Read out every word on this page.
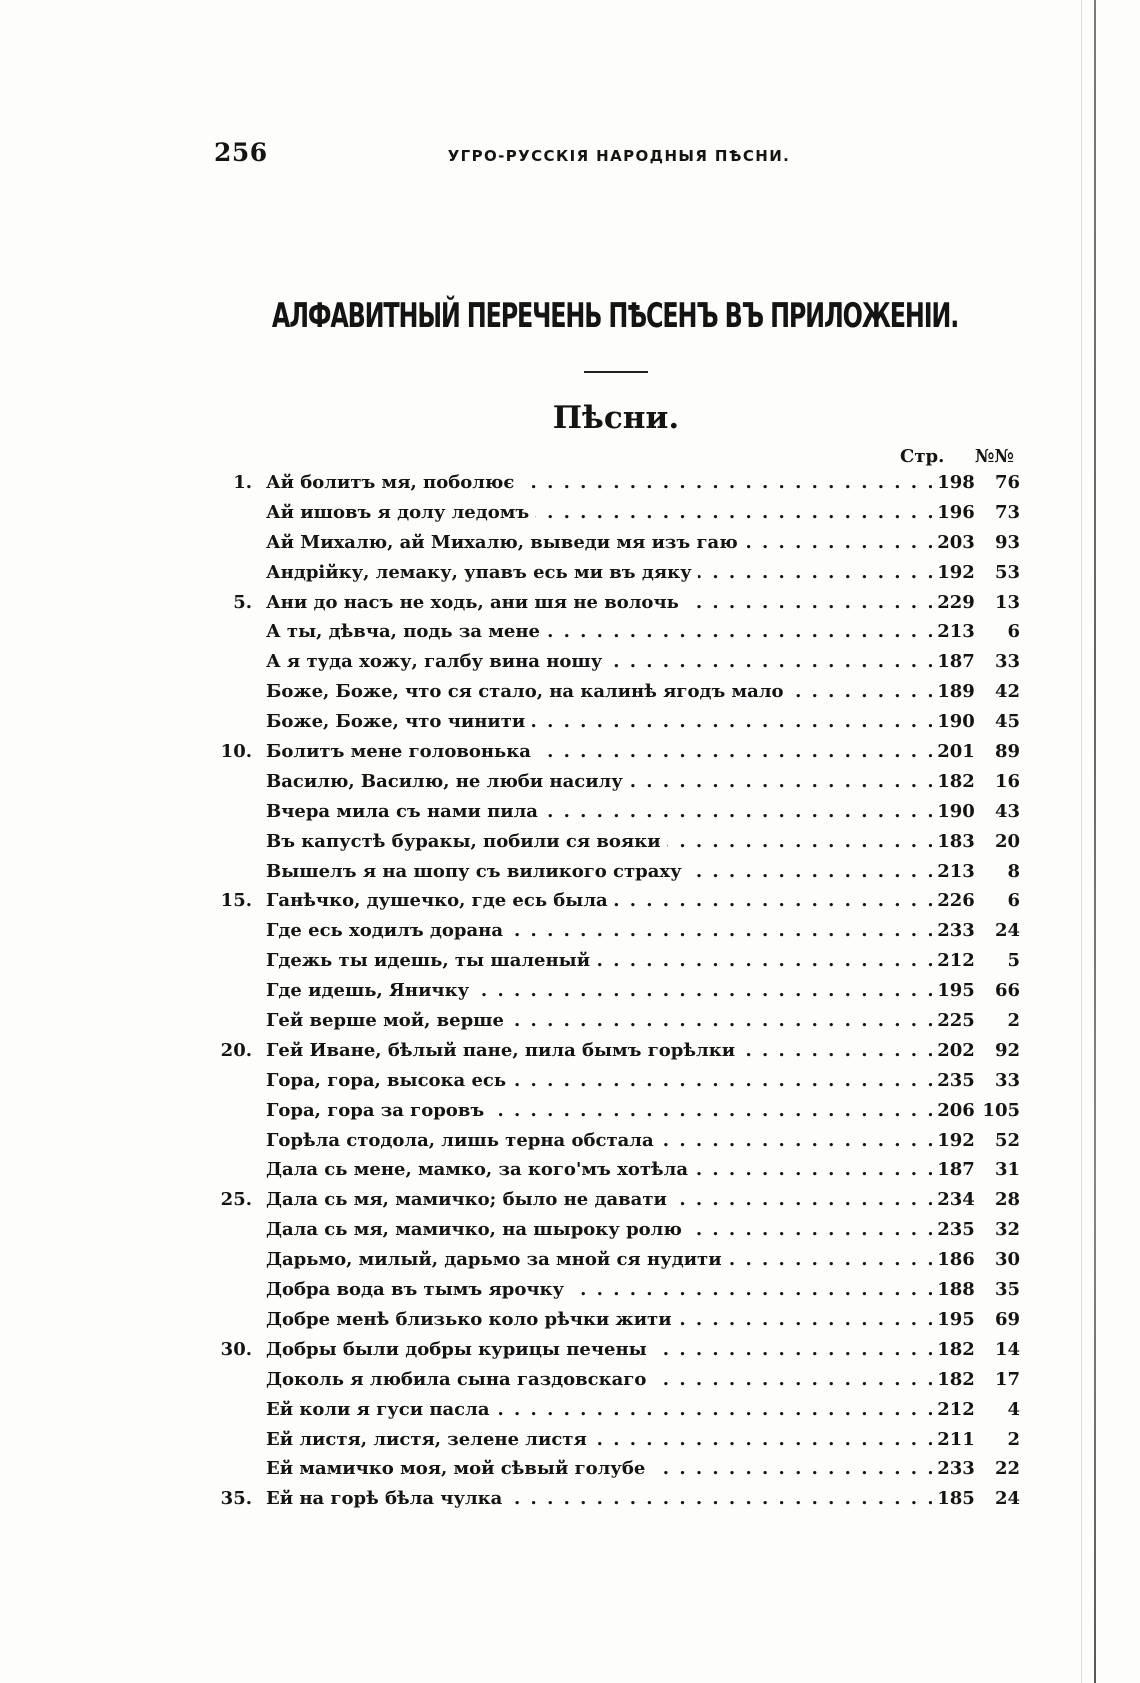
256	УГРО-РУССКІЯ НАРОДНЫЯ ПѢСНИ.
АЛФАВИТНЫЙ ПЕРЕЧЕНЬ ПѢСЕНЪ ВЪ ПРИЛОЖЕНІИ.
Пѣсни.
Стр. №№
1. Ай болитъ мя, поболює . . .	198	76
Ай ишовъ я долу ледомъ . . .	196	73
Ай Михалю, ай Михалю, выведи мя изъ гаю . . .	203	93
Андрійку, лемаку, упавъ есь ми въ дяку . . .	192	53
5. Ани до насъ не ходь, ани шя не волочь . . .	229	13
А ты, дѣвча, подь за мене . . .	213	6
А я туда хожу, галбу вина ношу . . .	187	33
Боже, Боже, что ся стало, на калинѣ ягодъ мало . . .	189	42
Боже, Боже, что чинити . . .	190	45
10. Болитъ мене головонька . . .	201	89
Василю, Василю, не люби насилу . . .	182	16
Вчера мила съ нами пила . . .	190	43
Въ капустѣ буракы, побили ся вояки . . .	183	20
Вышелъ я на шопу съ виликого страху . . .	213	8
15. Ганѣчко, душечко, где есь была . . .	226	6
Где есь ходилъ дорана . . .	233	24
Гдежь ты идешь, ты шаленый . . .	212	5
Где идешь, Яничку . . .	195	66
Гей верше мой, верше . . .	225	2
20. Гей Иване, бѣлый пане, пила бымъ горѣлки . . .	202	92
Гора, гора, высока есь . . .	235	33
Гора, гора за горовъ . . .	206 105
Горѣла стодола, лишь терна обстала . . .	192	52
Дала сь мене, мамко, за кого'мъ хотѣла . . .	187	31
25. Дала сь мя, мамичко; было не давати . . .	234	28
Дала сь мя, мамичко, на шыроку ролю . . .	235	32
Дарьмо, милый, дарьмо за мной ся нудити . . .	186	30
Добра вода въ тымъ ярочку . . .	188	35
Добре менѣ близько коло рѣчки жити . . .	195	69
30. Добры были добры курицы печены . . .	182	14
Доколь я любила сына газдовскаго . . .	182	17
Ей коли я гуси пасла . . .	212	4
Ей листя, листя, зелене листя . . .	211	2
Ей мамичко моя, мой сѣвый голубе . . .	233	22
35. Ей на горѣ бѣла чулка . . .	185	24
